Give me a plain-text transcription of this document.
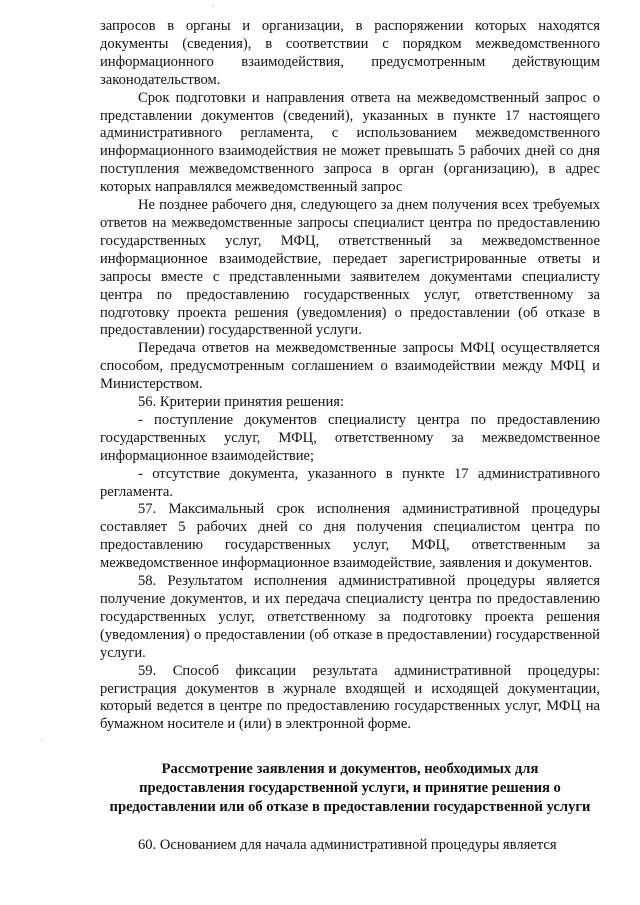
·
·

запросов в органы и организации, в распоряжении которых находятся документы (сведения), в соответствии с порядком межведомственного информационного взаимодействия, предусмотренным действующим законодательством.

Срок подготовки и направления ответа на межведомственный запрос о представлении документов (сведений), указанных в пункте 17 настоящего административного регламента, с использованием межведомственного информационного взаимодействия не может превышать 5 рабочих дней со дня поступления межведомственного запроса в орган (организацию), в адрес которых направлялся межведомственный запрос

Не позднее рабочего дня, следующего за днем получения всех требуемых ответов на межведомственные запросы специалист центра по предоставлению государственных услуг, МФЦ, ответственный за межведомственное информационное взаимодействие, передает зарегистрированные ответы и запросы вместе с представленными заявителем документами специалисту центра по предоставлению государственных услуг, ответственному за подготовку проекта решения (уведомления) о предоставлении (об отказе в предоставлении) государственной услуги.

Передача ответов на межведомственные запросы МФЦ осуществляется способом, предусмотренным соглашением о взаимодействии между МФЦ и Министерством.

56. Критерии принятия решения:

- поступление документов специалисту центра по предоставлению государственных услуг, МФЦ, ответственному за межведомственное информационное взаимодействие;

- отсутствие документа, указанного в пункте 17 административного регламента.

57. Максимальный срок исполнения административной процедуры составляет 5 рабочих дней со дня получения специалистом центра по предоставлению государственных услуг, МФЦ, ответственным за межведомственное информационное взаимодействие, заявления и документов.

58. Результатом исполнения административной процедуры является получение документов, и их передача специалисту центра по предоставлению государственных услуг, ответственному за подготовку проекта решения (уведомления) о предоставлении (об отказе в предоставлении) государственной услуги.

59. Способ фиксации результата административной процедуры: регистрация документов в журнале входящей и исходящей документации, который ведется в центре по предоставлению государственных услуг, МФЦ на бумажном носителе и (или) в электронной форме.

Рассмотрение заявления и документов, необходимых для
предоставления государственной услуги, и принятие решения о
предоставлении или об отказе в предоставлении государственной услуги

60. Основанием для начала административной процедуры является
